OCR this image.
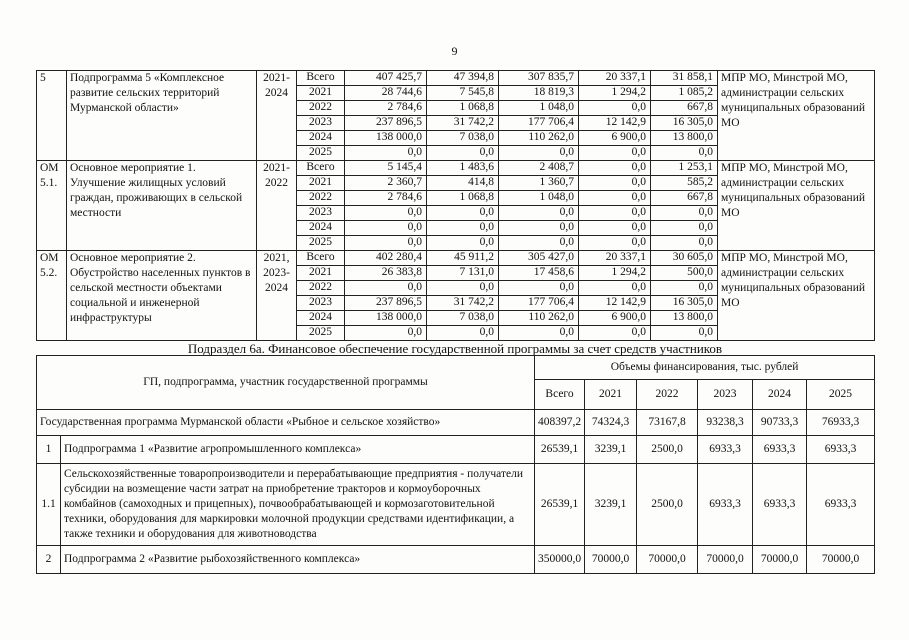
9
5	Подпрограмма 5 «Комплексное развитие сельских территорий Мурманской области»	2021-2024	Всего	407 425,7	47 394,8	307 835,7	20 337,1	31 858,1	МПР МО, Минстрой МО, администрации сельских муниципальных образований МО
			2021	28 744,6	7 545,8	18 819,3	1 294,2	1 085,2	
			2022	2 784,6	1 068,8	1 048,0	0,0	667,8	
			2023	237 896,5	31 742,2	177 706,4	12 142,9	16 305,0	
			2024	138 000,0	7 038,0	110 262,0	6 900,0	13 800,0	
			2025	0,0	0,0	0,0	0,0	0,0	
ОМ 5.1.	Основное мероприятие 1. Улучшение жилищных условий граждан, проживающих в сельской местности	2021-2022	Всего	5 145,4	1 483,6	2 408,7	0,0	1 253,1	МПР МО, Минстрой МО, администрации сельских муниципальных образований МО
			2021	2 360,7	414,8	1 360,7	0,0	585,2	
			2022	2 784,6	1 068,8	1 048,0	0,0	667,8	
			2023	0,0	0,0	0,0	0,0	0,0	
			2024	0,0	0,0	0,0	0,0	0,0	
			2025	0,0	0,0	0,0	0,0	0,0	
ОМ 5.2.	Основное мероприятие 2. Обустройство населенных пунктов в сельской местности объектами социальной и инженерной инфраструктуры	2021, 2023-2024	Всего	402 280,4	45 911,2	305 427,0	20 337,1	30 605,0	МПР МО, Минстрой МО, администрации сельских муниципальных образований МО
			2021	26 383,8	7 131,0	17 458,6	1 294,2	500,0	
			2022	0,0	0,0	0,0	0,0	0,0	
			2023	237 896,5	31 742,2	177 706,4	12 142,9	16 305,0	
			2024	138 000,0	7 038,0	110 262,0	6 900,0	13 800,0	
			2025	0,0	0,0	0,0	0,0	0,0	
Подраздел 6а. Финансовое обеспечение государственной программы за счет средств участников
ГП, подпрограмма, участник государственной программы		Объемы финансирования, тыс. рублей					
		Всего	2021	2022	2023	2024	2025
Государственная программа Мурманской области «Рыбное и сельское хозяйство»		408397,2	74324,3	73167,8	93238,3	90733,3	76933,3
1	Подпрограмма 1 «Развитие агропромышленного комплекса»	26539,1	3239,1	2500,0	6933,3	6933,3	6933,3
1.1	Сельскохозяйственные товаропроизводители и перерабатывающие предприятия - получатели субсидии на возмещение части затрат на приобретение тракторов и кормоуборочных комбайнов (самоходных и прицепных), почвообрабатывающей и кормозаготовительной техники, оборудования для маркировки молочной продукции средствами идентификации, а также техники и оборудования для животноводства	26539,1	3239,1	2500,0	6933,3	6933,3	6933,3
2	Подпрограмма 2 «Развитие рыбохозяйственного комплекса»	350000,0	70000,0	70000,0	70000,0	70000,0	70000,0
